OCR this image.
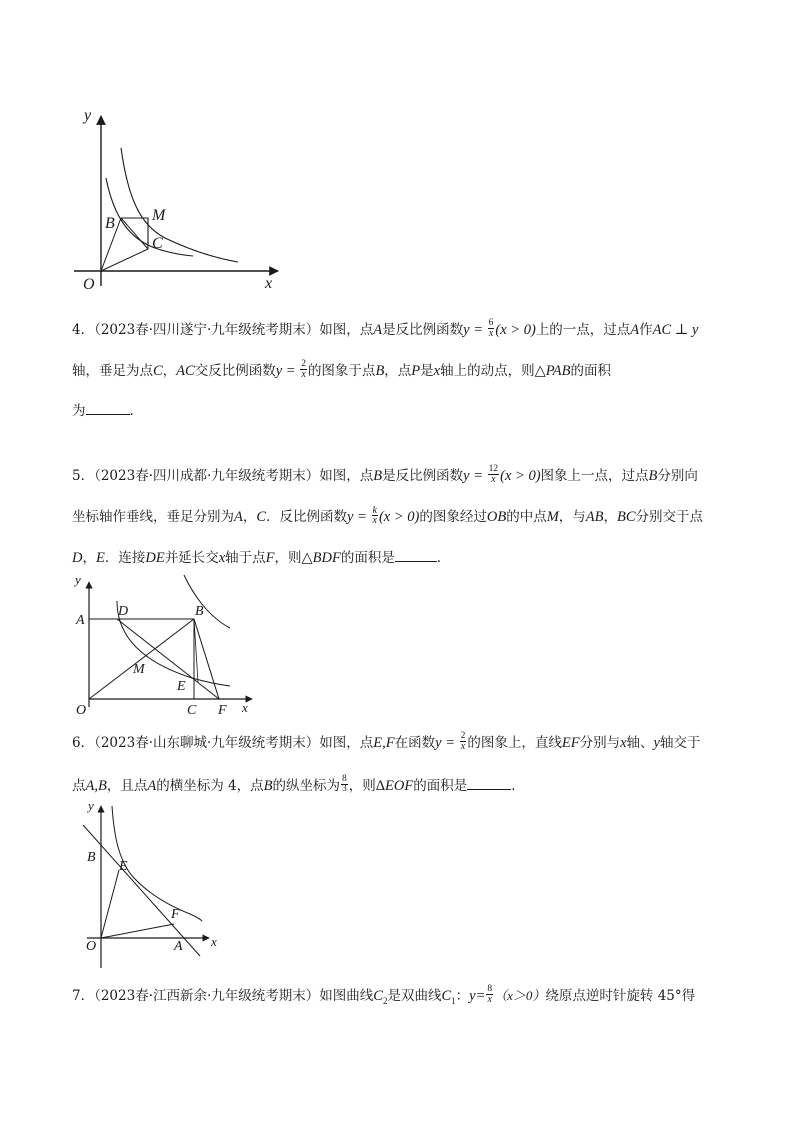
y
x
O
B M
C
4．（2023春·四川遂宁·九年级统考期末）如图，点A是反比例函数$y = \frac{6}{x} (x > 0)$上的一点，过点A作AC ⊥ y
轴，垂足为点C，AC交反比例函数$y = \frac{2}{x}$ 的图象于点B，点P是x轴上的动点，则△PAB的面积
为	．
5．（2023春·四川成都·九年级统考期末）如图，点B是反比例函数$y = \frac{12}{x} (x > 0)$图象上一点，过点B分别向
坐标轴作垂线，垂足分别为A，C．反比例函数$y = \frac{k}{x} (x > 0)$的图象经过OB的中点M，与AB，BC分别交于点
D，E．连接DE并延长交x轴于点F，则△BDF的面积是	．
y
x
O
A
D	B
M
E
C F
6．（2023春·山东聊城·九年级统考期末）如图，点E,F在函数$y = \frac{2}{x}$ 的图象上，直线EF分别与x轴、y轴交于
点A,B，且点A的横坐标为 4，点B的纵坐标为 $\frac{8}{3}$ ，则ΔEOF的面积是	．
y
x
O
B
E
F
A
7．（2023春·江西新余·九年级统考期末）如图曲线$C_2$是双曲线$C_1$：$y= \frac{8}{x} (x>0)$绕原点逆时针旋转 45°得
